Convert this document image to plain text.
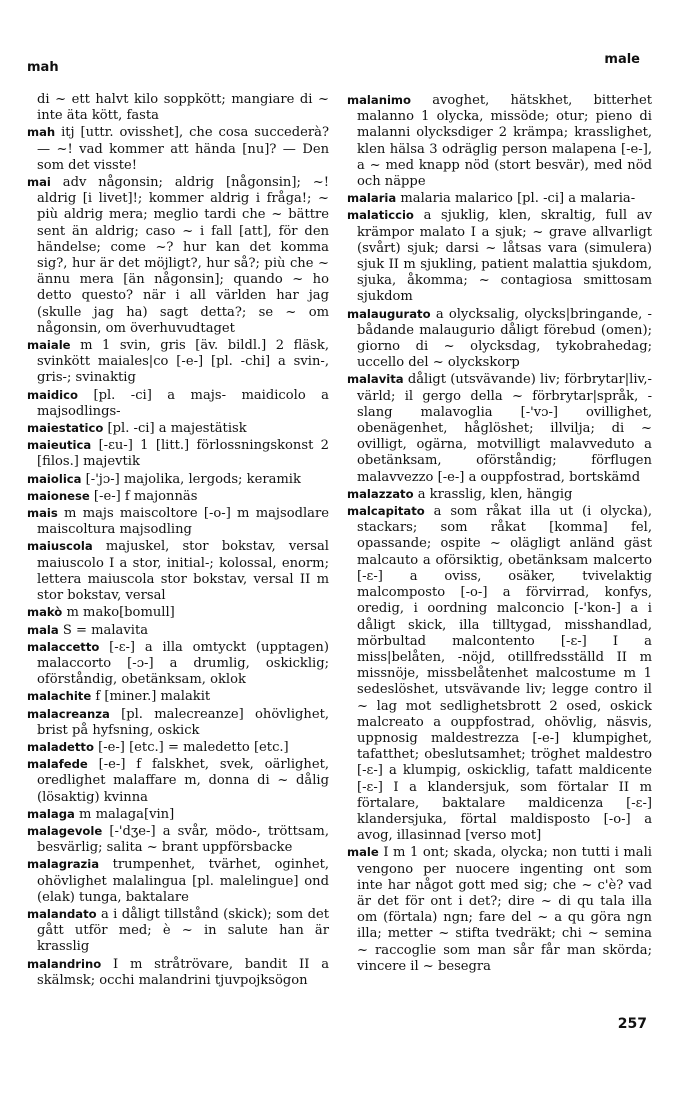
mah
male

di ~ ett halvt kilo soppkött; mangiare di ~ inte äta kött, fasta

mah itj [uttr. ovisshet], che cosa succederà? — ~! vad kommer att hända [nu]? — Den som det visste!

mai adv någonsin; aldrig [någonsin]; ~! aldrig [i livet]!; kommer aldrig i fråga!; ~ più aldrig mera; meglio tardi che ~ bättre sent än aldrig; caso ~ i fall [att], för den händelse; come ~? hur kan det komma sig?, hur är det möjligt?, hur så?; più che ~ ännu mera [än någonsin]; quando ~ ho detto questo? när i all världen har jag (skulle jag ha) sagt detta?; se ~ om någonsin, om överhuvudtaget

maiale m 1 svin, gris [äv. bildl.] 2 fläsk, svinkött maiales|co [-e-] [pl. -chi] a svin-, gris-; svinaktig

maidico [pl. -ci] a majs- maidicolo a majsodlings-

maiestatico [pl. -ci] a majestätisk

maieutica [-ɛu-] 1 [litt.] förlossningskonst 2 [filos.] majevtik

maiolica [-'jɔ-] majolika, lergods; keramik

maionese [-e-] f majonnäs

mais m majs maiscoltore [-o-] m majsodlare maiscoltura majsodling

maiuscola majuskel, stor bokstav, versal maiuscolo I a stor, initial-; kolossal, enorm; lettera maiuscola stor bokstav, versal II m stor bokstav, versal

makò m mako[bomull]

mala S = malavita

malaccetto [-ɛ-] a illa omtyckt (upptagen) malaccorto [-ɔ-] a drumlig, oskicklig; oförståndig, obetänksam, oklok

malachite f [miner.] malakit

malacreanza [pl. malecreanze] ohövlighet, brist på hyfsning, oskick

maladetto [-e-] [etc.] = maledetto [etc.]

malafede [-e-] f falskhet, svek, oärlighet, oredlighet malaffare m, donna di ~ dålig (lösaktig) kvinna

malaga m malaga[vin]

malagevole [-'dʒe-] a svår, mödo-, tröttsam, besvärlig; salita ~ brant uppförsbacke

malagrazia trumpenhet, tvärhet, oginhet, ohövlighet malalingua [pl. malelingue] ond (elak) tunga, baktalare

malandato a i dåligt tillstånd (skick); som det gått utför med; è ~ in salute han är krasslig

malandrino I m stråtrövare, bandit II a skälmsk; occhi malandrini tjuvpojksögon

malanimo avoghet, hätskhet, bitterhet malanno 1 olycka, missöde; otur; pieno di malanni olycksdiger 2 krämpa; krasslighet, klen hälsa 3 odräglig person malapena [-e-], a ~ med knapp nöd (stort besvär), med nöd och näppe

malaria malaria malarico [pl. -ci] a malaria-

malaticcio a sjuklig, klen, skraltig, full av krämpor malato I a sjuk; ~ grave allvarligt (svårt) sjuk; darsi ~ låtsas vara (simulera) sjuk II m sjukling, patient malattia sjukdom, sjuka, åkomma; ~ contagiosa smittosam sjukdom

malaugurato a olycksalig, olycks|bringande, -bådande malaugurio dåligt förebud (omen); giorno di ~ olycksdag, tykobrahedag; uccello del ~ olyckskorp

malavita dåligt (utsvävande) liv; förbrytar|liv,- värld; il gergo della ~ förbrytar|språk, -slang malavoglia [-'vɔ-] ovillighet, obenägenhet, håglöshet; illvilja; di ~ ovilligt, ogärna, motvilligt malavveduto a obetänksam, oförståndig; förflugen malavvezzo [-e-] a ouppfostrad, bortskämd

malazzato a krasslig, klen, hängig

malcapitato a som råkat illa ut (i olycka), stackars; som råkat [komma] fel, opassande; ospite ~ olägligt anländ gäst malcauto a oförsiktig, obetänksam malcerto [-ɛ-] a oviss, osäker, tvivelaktig malcomposto [-o-] a förvirrad, konfys, oredig, i oordning malconcio [-'kon-] a i dåligt skick, illa tilltygad, misshandlad, mörbultad malcontento [-ɛ-] I a miss|belåten, -nöjd, otillfredsställd II m missnöje, missbelåtenhet malcostume m 1 sedeslöshet, utsvävande liv; legge contro il ~ lag mot sedlighetsbrott 2 osed, oskick malcreato a ouppfostrad, ohövlig, näsvis, uppnosig maldestrezza [-e-] klumpighet, tafatthet; obeslutsamhet; tröghet maldestro [-ɛ-] a klumpig, oskicklig, tafatt maldicente [-ɛ-] I a klandersjuk, som förtalar II m förtalare, baktalare maldicenza [-ɛ-] klandersjuka, förtal maldisposto [-o-] a avog, illasinnad [verso mot]

male I m 1 ont; skada, olycka; non tutti i mali vengono per nuocere ingenting ont som inte har något gott med sig; che ~ c'è? vad är det för ont i det?; dire ~ di qu tala illa om (förtala) ngn; fare del ~ a qu göra ngn illa; metter ~ stifta tvedräkt; chi ~ semina ~ raccoglie som man sår får man skörda; vincere il ~ besegra

257
